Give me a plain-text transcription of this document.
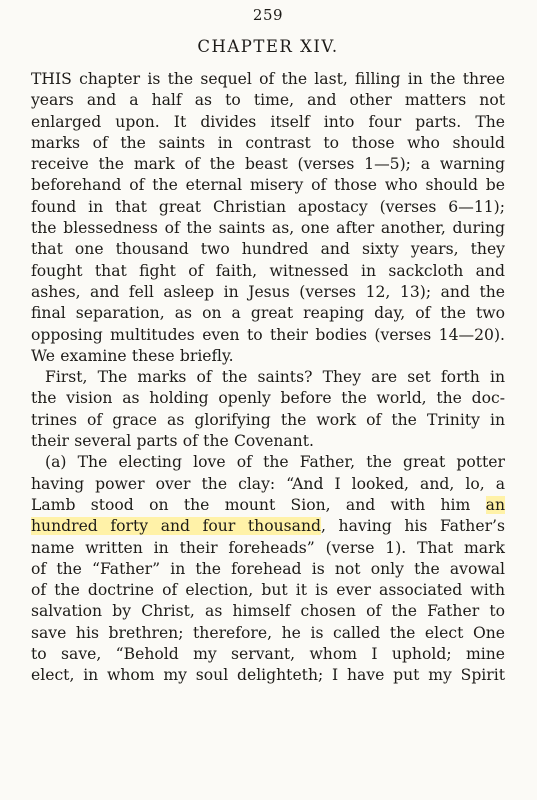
259
CHAPTER XIV.
THIS chapter is the sequel of the last, filling in the three
years and a half as to time, and other matters not
enlarged upon. It divides itself into four parts. The
marks of the saints in contrast to those who should
receive the mark of the beast (verses 1—5); a warning
beforehand of the eternal misery of those who should be
found in that great Christian apostacy (verses 6—11);
the blessedness of the saints as, one after another, during
that one thousand two hundred and sixty years, they
fought that fight of faith, witnessed in sackcloth and
ashes, and fell asleep in Jesus (verses 12, 13); and the
final separation, as on a great reaping day, of the two
opposing multitudes even to their bodies (verses 14—20).
We examine these briefly.
First, The marks of the saints? They are set forth in
the vision as holding openly before the world, the doc-
trines of grace as glorifying the work of the Trinity in
their several parts of the Covenant.
(a) The electing love of the Father, the great potter
having power over the clay: “And I looked, and, lo, a
Lamb stood on the mount Sion, and with him an
hundred forty and four thousand, having his Father’s
name written in their foreheads” (verse 1). That mark
of the “Father” in the forehead is not only the avowal
of the doctrine of election, but it is ever associated with
salvation by Christ, as himself chosen of the Father to
save his brethren; therefore, he is called the elect One
to save, “Behold my servant, whom I uphold; mine
elect, in whom my soul delighteth; I have put my Spirit
